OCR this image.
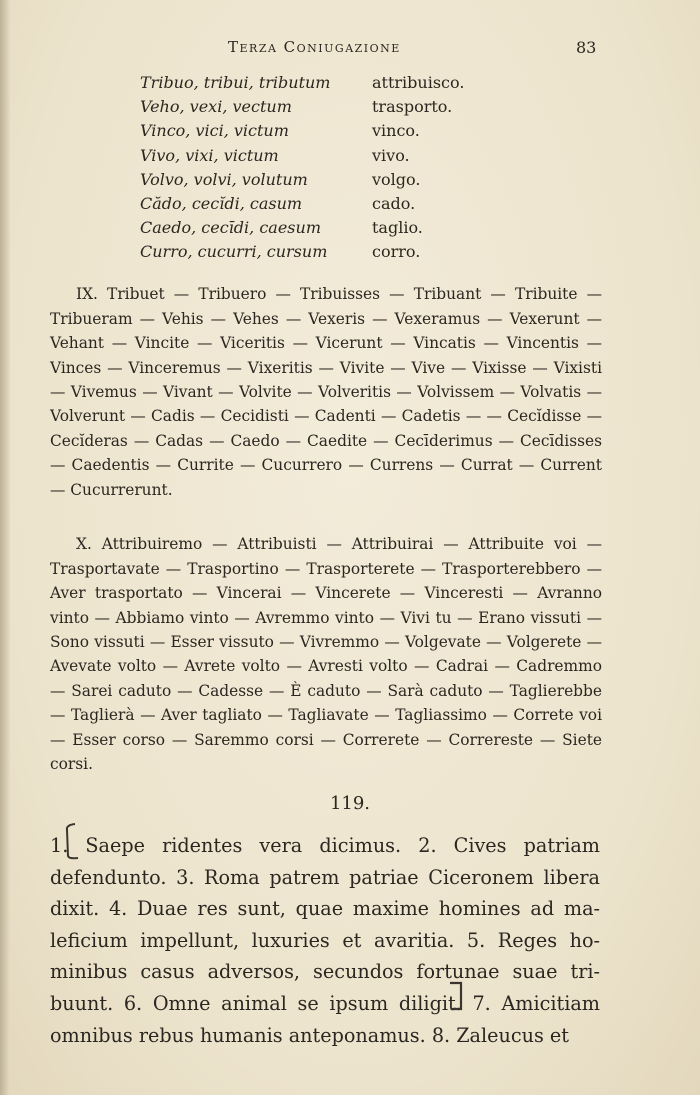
Terza Coniugazione	83
Tribuo, tribui, tributum	attribuisco.
Veho, vexi, vectum	trasporto.
Vinco, vici, victum	vinco.
Vivo, vixi, victum	vivo.
Volvo, volvi, volutum	volgo.
Cădo, cecĭdi, casum	cado.
Caedo, cecīdi, caesum	taglio.
Curro, cucurri, cursum	corro.

IX. Tribuet — Tribuero — Tribuisses — Tribuant — Tribuite — Tribueram — Vehis — Vehes — Vexeris — Vexeramus — Vexerunt — Vehant — Vincite — Viceritis — Vicerunt — Vincatis — Vincentis — Vinces — Vinceremus — Vixeritis — Vivite — Vive — Vixisse — Vixisti — Vivemus — Vivant — Volvite — Volveritis — Volvissem — Volvatis — Volverunt — Cadis — Cecidisti — Cadenti — Cadetis — — Cecĭdisse — Cecĭderas — Cadas — Caedo — Caedite — Cecīderimus — Cecīdisses — Caedentis — Currite — Cucurrero — Currens — Currat — Current — Cucurrerunt.

X. Attribuiremo — Attribuisti — Attribuirai — Attribuite voi — Trasportavate — Trasportino — Trasporterete — Trasporterebbero — Aver trasportato — Vincerai — Vincerete — Vinceresti — Avranno vinto — Abbiamo vinto — Avremmo vinto — Vivi tu — Erano vissuti — Sono vissuti — Esser vissuto — Vivremmo — Volgevate — Volgerete — Avevate volto — Avrete volto — Avresti volto — Cadrai — Cadremmo — Sarei caduto — Cadesse — È caduto — Sarà caduto — Taglierebbe — Taglierà — Aver tagliato — Tagliavate — Tagliassimo — Correte voi — Esser corso — Saremmo corsi — Correrete — Correreste — Siete corsi.

119.
1. Saepe ridentes vera dicimus. 2. Cives patriam defendunto. 3. Roma patrem patriae Ciceronem libera dixit. 4. Duae res sunt, quae maxime homines ad maleficium impellunt, luxuries et avaritia. 5. Reges hominibus casus adversos, secundos fortunae suae tribuunt. 6. Omne animal se ipsum diligit. 7. Amicitiam omnibus rebus humanis anteponamus. 8. Zaleucus et
